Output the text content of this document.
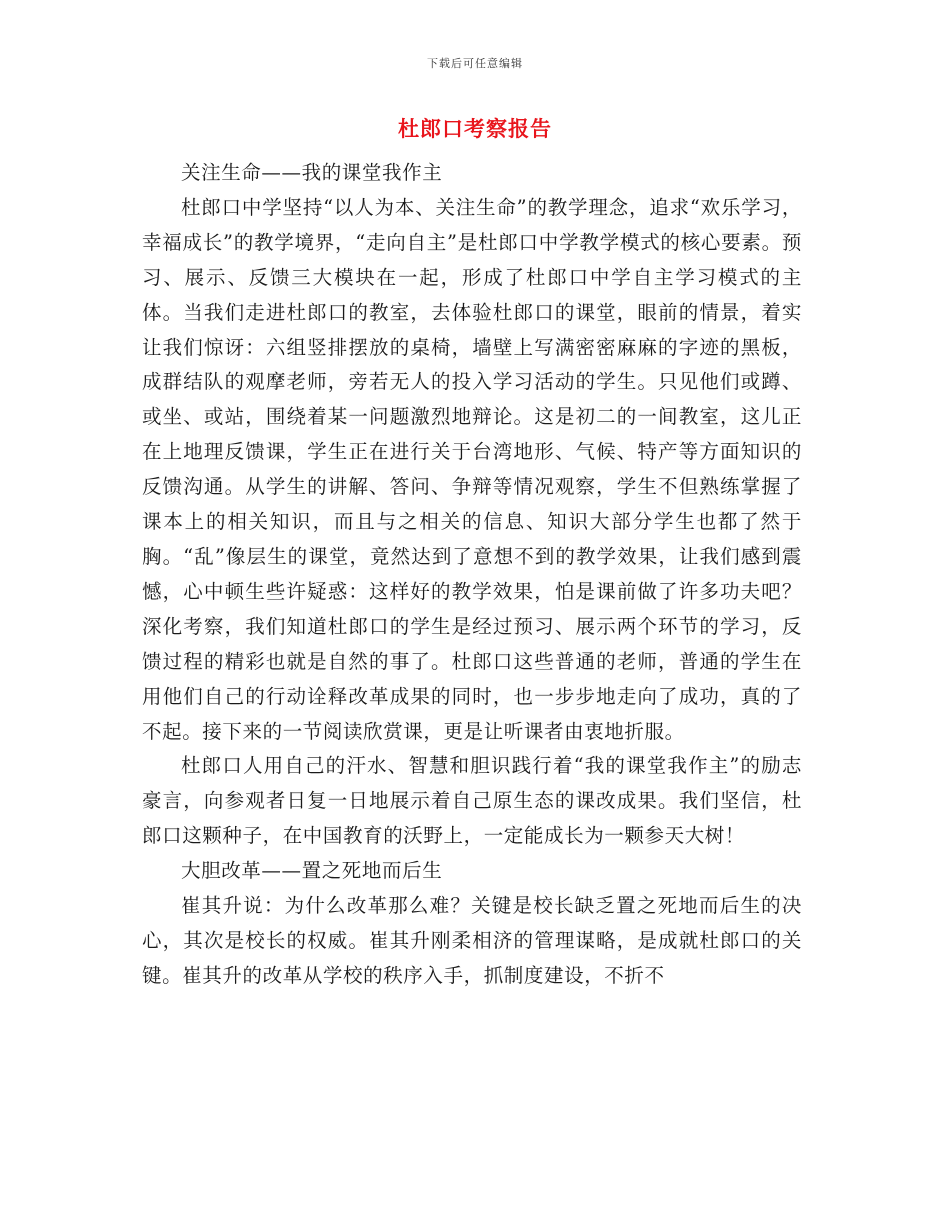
下载后可任意编辑
杜郎口考察报告

关注生命——我的课堂我作主

杜郎口中学坚持“以人为本、关注生命”的教学理念，追求“欢乐学习，幸福成长”的教学境界，“走向自主”是杜郎口中学教学模式的核心要素。预习、展示、反馈三大模块在一起，形成了杜郎口中学自主学习模式的主体。当我们走进杜郎口的教室，去体验杜郎口的课堂，眼前的情景，着实让我们惊讶：六组竖排摆放的桌椅，墙壁上写满密密麻麻的字迹的黑板，成群结队的观摩老师，旁若无人的投入学习活动的学生。只见他们或蹲、或坐、或站，围绕着某一问题激烈地辩论。这是初二的一间教室，这儿正在上地理反馈课，学生正在进行关于台湾地形、气候、特产等方面知识的反馈沟通。从学生的讲解、答问、争辩等情况观察，学生不但熟练掌握了课本上的相关知识，而且与之相关的信息、知识大部分学生也都了然于胸。“乱”像层生的课堂，竟然达到了意想不到的教学效果，让我们感到震憾，心中顿生些许疑惑：这样好的教学效果，怕是课前做了许多功夫吧？深化考察，我们知道杜郎口的学生是经过预习、展示两个环节的学习，反馈过程的精彩也就是自然的事了。杜郎口这些普通的老师，普通的学生在用他们自己的行动诠释改革成果的同时，也一步步地走向了成功，真的了不起。接下来的一节阅读欣赏课，更是让听课者由衷地折服。

杜郎口人用自己的汗水、智慧和胆识践行着“我的课堂我作主”的励志豪言，向参观者日复一日地展示着自己原生态的课改成果。我们坚信，杜郎口这颗种子，在中国教育的沃野上，一定能成长为一颗参天大树！

大胆改革——置之死地而后生

崔其升说：为什么改革那么难？关键是校长缺乏置之死地而后生的决心，其次是校长的权威。崔其升刚柔相济的管理谋略，是成就杜郎口的关键。崔其升的改革从学校的秩序入手，抓制度建设，不折不
